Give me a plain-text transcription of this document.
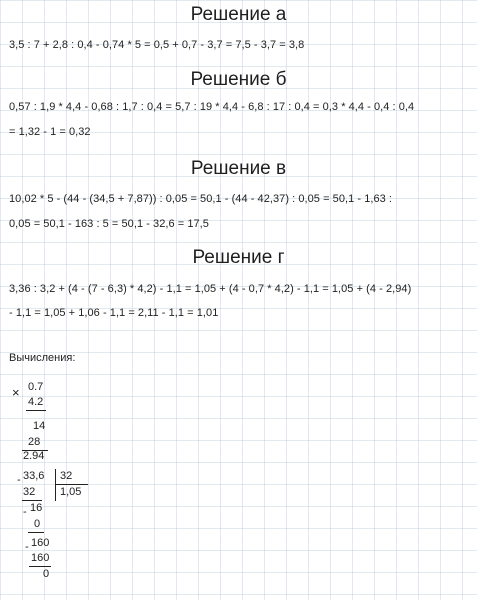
Решение а
3,5 : 7 + 2,8 : 0,4 - 0,74 * 5 = 0,5 + 0,7 - 3,7 = 7,5 - 3,7 = 3,8
Решение б
0,57 : 1,9 * 4,4 - 0,68 : 1,7 : 0,4 = 5,7 : 19 * 4,4 - 6,8 : 17 : 0,4 = 0,3 * 4,4 - 0,4 : 0,4
= 1,32 - 1 = 0,32
Решение в
10,02 * 5 - (44 - (34,5 + 7,87)) : 0,05 = 50,1 - (44 - 42,37) : 0,05 = 50,1 - 1,63 :
0,05 = 50,1 - 163 : 5 = 50,1 - 32,6 = 17,5
Решение г
3,36 : 3,2 + (4 - (7 - 6,3) * 4,2) - 1,1 = 1,05 + (4 - 0,7 * 4,2) - 1,1 = 1,05 + (4 - 2,94)
- 1,1 = 1,05 + 1,06 - 1,1 = 2,11 - 1,1 = 1,01
Вычисления:
× 0.7
4.2
14
28
2.94
- 33,6 32
1,05
32
- 16
0
- 160
160
0
